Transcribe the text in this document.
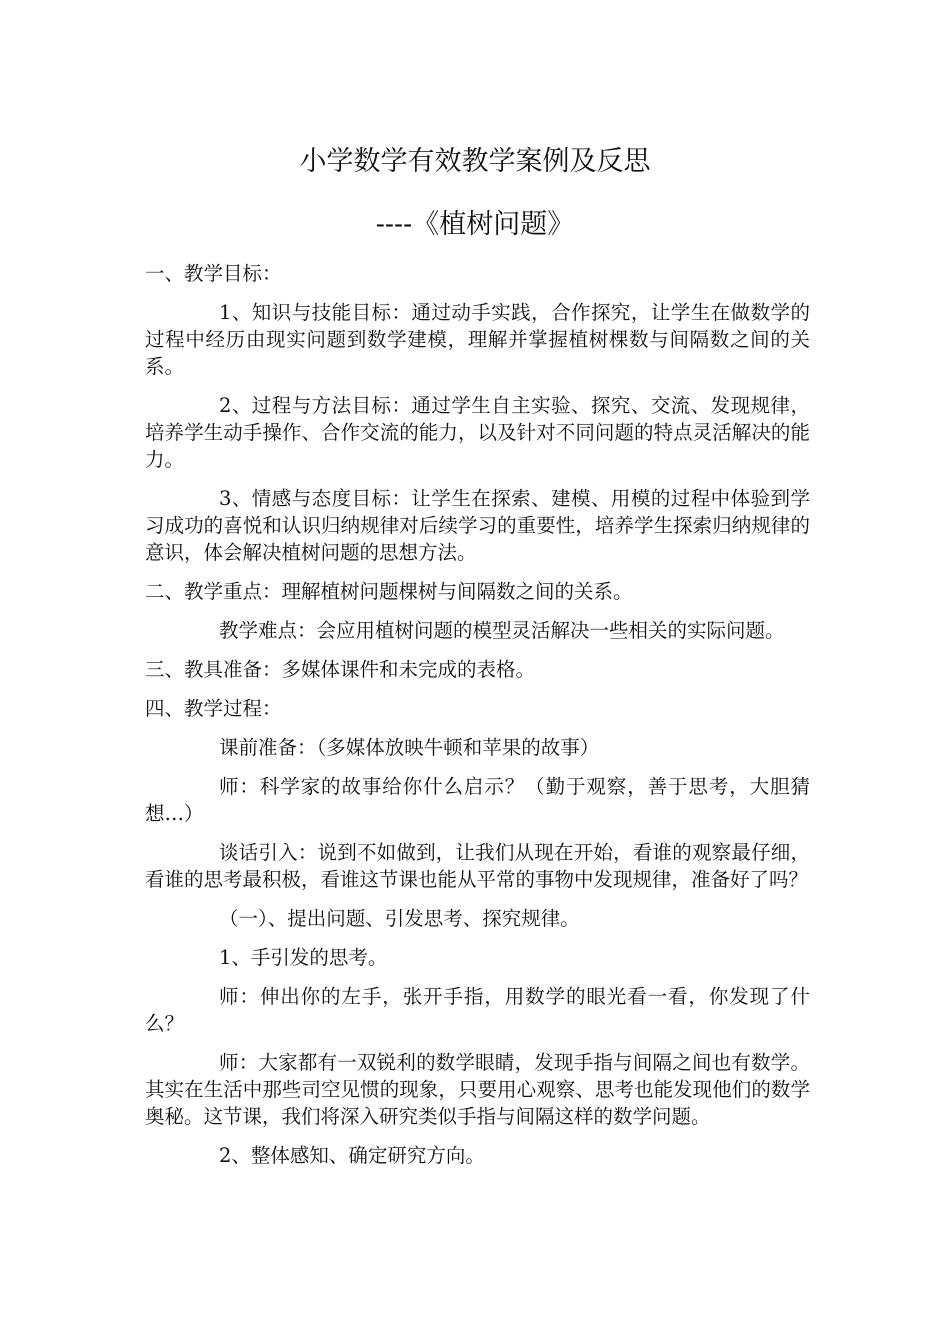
小学数学有效教学案例及反思
----《植树问题》

一、教学目标：

1、知识与技能目标：通过动手实践，合作探究，让学生在做数学的过程中经历由现实问题到数学建模，理解并掌握植树棵数与间隔数之间的关系。

2、过程与方法目标：通过学生自主实验、探究、交流、发现规律，培养学生动手操作、合作交流的能力，以及针对不同问题的特点灵活解决的能力。

3、情感与态度目标：让学生在探索、建模、用模的过程中体验到学习成功的喜悦和认识归纳规律对后续学习的重要性，培养学生探索归纳规律的意识，体会解决植树问题的思想方法。

二、教学重点：理解植树问题棵树与间隔数之间的关系。

教学难点：会应用植树问题的模型灵活解决一些相关的实际问题。

三、教具准备：多媒体课件和未完成的表格。

四、教学过程：

课前准备：（多媒体放映牛顿和苹果的故事）

师：科学家的故事给你什么启示？（勤于观察，善于思考，大胆猜想…）

谈话引入：说到不如做到，让我们从现在开始，看谁的观察最仔细，看谁的思考最积极，看谁这节课也能从平常的事物中发现规律，准备好了吗？

（一）、提出问题、引发思考、探究规律。

1、手引发的思考。

师：伸出你的左手，张开手指，用数学的眼光看一看，你发现了什么？

师：大家都有一双锐利的数学眼睛，发现手指与间隔之间也有数学。其实在生活中那些司空见惯的现象，只要用心观察、思考也能发现他们的数学奥秘。这节课，我们将深入研究类似手指与间隔这样的数学问题。

2、整体感知、确定研究方向。
